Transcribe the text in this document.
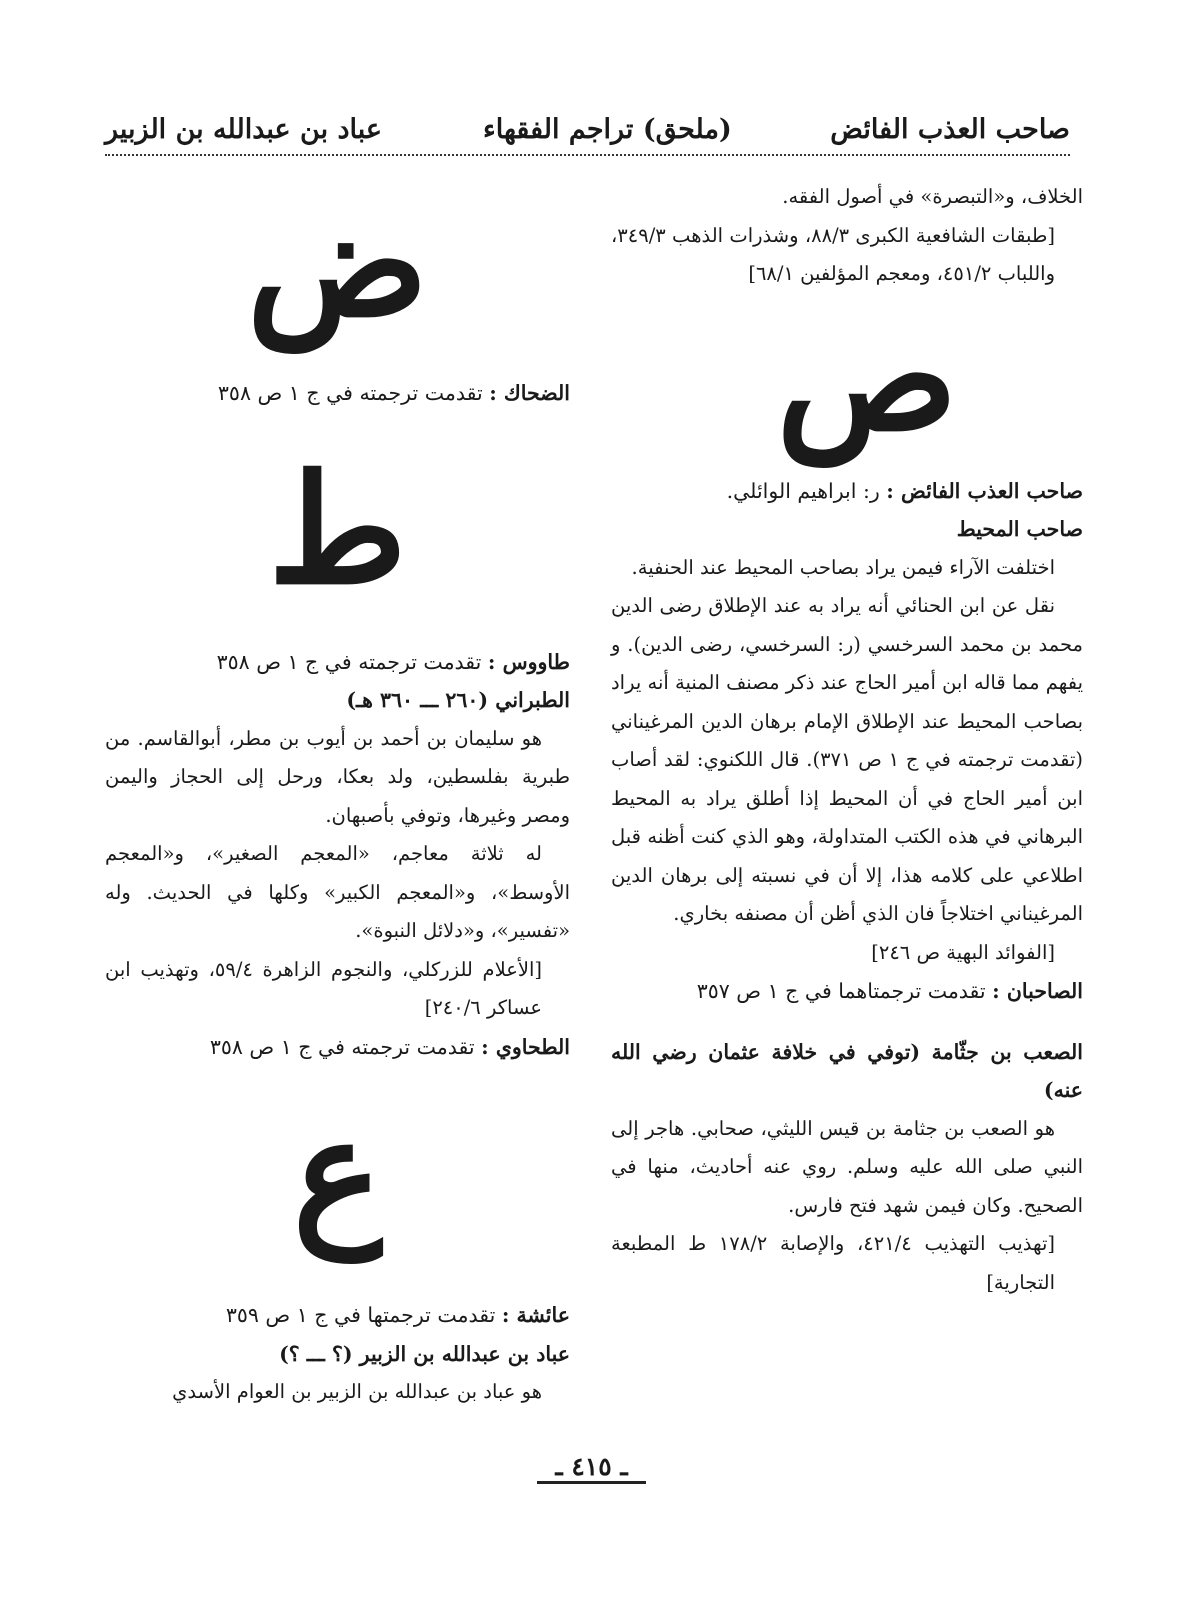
صاحب العذب الفائض
(ملحق) تراجم الفقهاء
عباد بن عبدالله بن الزبير

الخلاف، و«التبصرة» في أصول الفقه.

[طبقات الشافعية الكبرى ٨٨/٣، وشذرات الذهب ٣٤٩/٣، واللباب ٤٥١/٢، ومعجم المؤلفين ٦٨/١]

ص

صاحب العذب الفائض : ر: ابراهيم الوائلي.

صاحب المحيط

اختلفت الآراء فيمن يراد بصاحب المحيط عند الحنفية.

نقل عن ابن الحنائي أنه يراد به عند الإطلاق رضى الدين محمد بن محمد السرخسي (ر: السرخسي، رضى الدين). و يفهم مما قاله ابن أمير الحاج عند ذكر مصنف المنية أنه يراد بصاحب المحيط عند الإطلاق الإمام برهان الدين المرغيناني (تقدمت ترجمته في ج ١ ص ٣٧١). قال اللكنوي: لقد أصاب ابن أمير الحاج في أن المحيط إذا أطلق يراد به المحيط البرهاني في هذه الكتب المتداولة، وهو الذي كنت أظنه قبل اطلاعي على كلامه هذا، إلا أن في نسبته إلى برهان الدين المرغيناني اختلاجاً فان الذي أظن أن مصنفه بخاري.

[الفوائد البهية ص ٢٤٦]

الصاحبان : تقدمت ترجمتاهما في ج ١ ص ٣٥٧

الصعب بن جثّامة (توفي في خلافة عثمان رضي الله عنه)

هو الصعب بن جثامة بن قيس الليثي، صحابي. هاجر إلى النبي صلى الله عليه وسلم. روي عنه أحاديث، منها في الصحيح. وكان فيمن شهد فتح فارس.

[تهذيب التهذيب ٤٢١/٤، والإصابة ١٧٨/٢ ط المطبعة التجارية]

ض

الضحاك : تقدمت ترجمته في ج ١ ص ٣٥٨

ط

طاووس : تقدمت ترجمته في ج ١ ص ٣٥٨

الطبراني (٢٦٠ ـــ ٣٦٠ هـ)

هو سليمان بن أحمد بن أيوب بن مطر، أبوالقاسم. من طبرية بفلسطين، ولد بعكا، ورحل إلى الحجاز واليمن ومصر وغيرها، وتوفي بأصبهان.

له ثلاثة معاجم، «المعجم الصغير»، و«المعجم الأوسط»، و«المعجم الكبير» وكلها في الحديث. وله «تفسير»، و«دلائل النبوة».

[الأعلام للزركلي، والنجوم الزاهرة ٥٩/٤، وتهذيب ابن عساكر ٢٤٠/٦]

الطحاوي : تقدمت ترجمته في ج ١ ص ٣٥٨

ع

عائشة : تقدمت ترجمتها في ج ١ ص ٣٥٩

عباد بن عبدالله بن الزبير (؟ ـــ ؟)

هو عباد بن عبدالله بن الزبير بن العوام الأسدي

ـ ٤١٥ ـ
